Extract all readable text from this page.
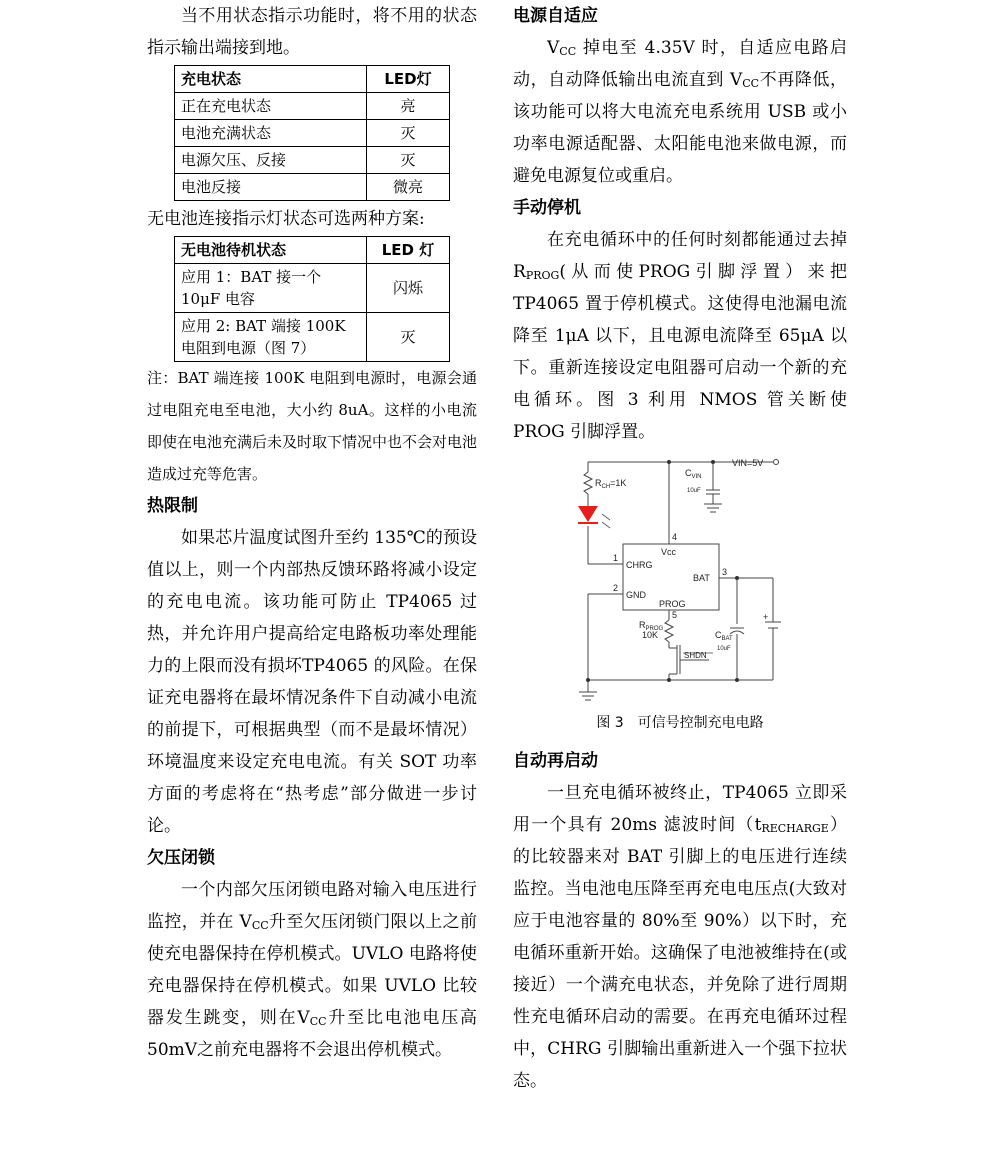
当不用状态指示功能时，将不用的状态指示输出端接到地。

充电状态	LED灯
正在充电状态	亮
电池充满状态	灭
电源欠压、反接	灭
电池反接	微亮

无电池连接指示灯状态可选两种方案:

无电池待机状态	LED 灯
应用 1：BAT 接一个 10μF 电容	闪烁
应用 2: BAT 端接 100K 电阻到电源（图 7）	灭

注：BAT 端连接 100K 电阻到电源时，电源会通过电阻充电至电池，大小约 8uA。这样的小电流即使在电池充满后未及时取下情况中也不会对电池造成过充等危害。

热限制

如果芯片温度试图升至约 135℃的预设值以上，则一个内部热反馈环路将减小设定的充电电流。该功能可防止 TP4065 过热，并允许用户提高给定电路板功率处理能力的上限而没有损坏TP4065 的风险。在保证充电器将在最坏情况条件下自动减小电流的前提下，可根据典型（而不是最坏情况）环境温度来设定充电电流。有关 SOT 功率方面的考虑将在“热考虑”部分做进一步讨论。

欠压闭锁

一个内部欠压闭锁电路对输入电压进行监控，并在 $V_{CC}$升至欠压闭锁门限以上之前使充电器保持在停机模式。UVLO 电路将使充电器保持在停机模式。如果 UVLO 比较器发生跳变，则在$V_{CC}$升至比电池电压高50mV之前充电器将不会退出停机模式。

电源自适应

$V_{CC}$ 掉电至 4.35V 时，自适应电路启动，自动降低输出电流直到 $V_{CC}$不再降低，该功能可以将大电流充电系统用 USB 或小功率电源适配器、太阳能电池来做电源，而避免电源复位或重启。

手动停机

在充电循环中的任何时刻都能通过去掉 $R_{PROG}$(从而使PROG引脚浮置）来把 TP4065 置于停机模式。这使得电池漏电流降至 1μA 以下，且电源电流降至 65μA 以下。重新连接设定电阻器可启动一个新的充电循环。图 3 利用 NMOS 管关断使 PROG 引脚浮置。

VIN=5V
$R_{CH}=1K$
$C_{VIN}$
10uF
4
1
2
3
5
Vcc
CHRG
BAT
GND
PROG
$R_{PROG}$
10K	$C_{BAT}$
10uF
SHDN
+
图 3　可信号控制充电电路
自动再启动

一旦充电循环被终止，TP4065 立即采用一个具有 20ms 滤波时间$(t_{RECHARGE})$的比较器来对 BAT 引脚上的电压进行连续监控。当电池电压降至再充电电压点(大致对应于电池容量的 80%至 90%）以下时，充电循环重新开始。这确保了电池被维持在(或接近）一个满充电状态，并免除了进行周期性充电循环启动的需要。在再充电循环过程中，CHRG 引脚输出重新进入一个强下拉状态。
